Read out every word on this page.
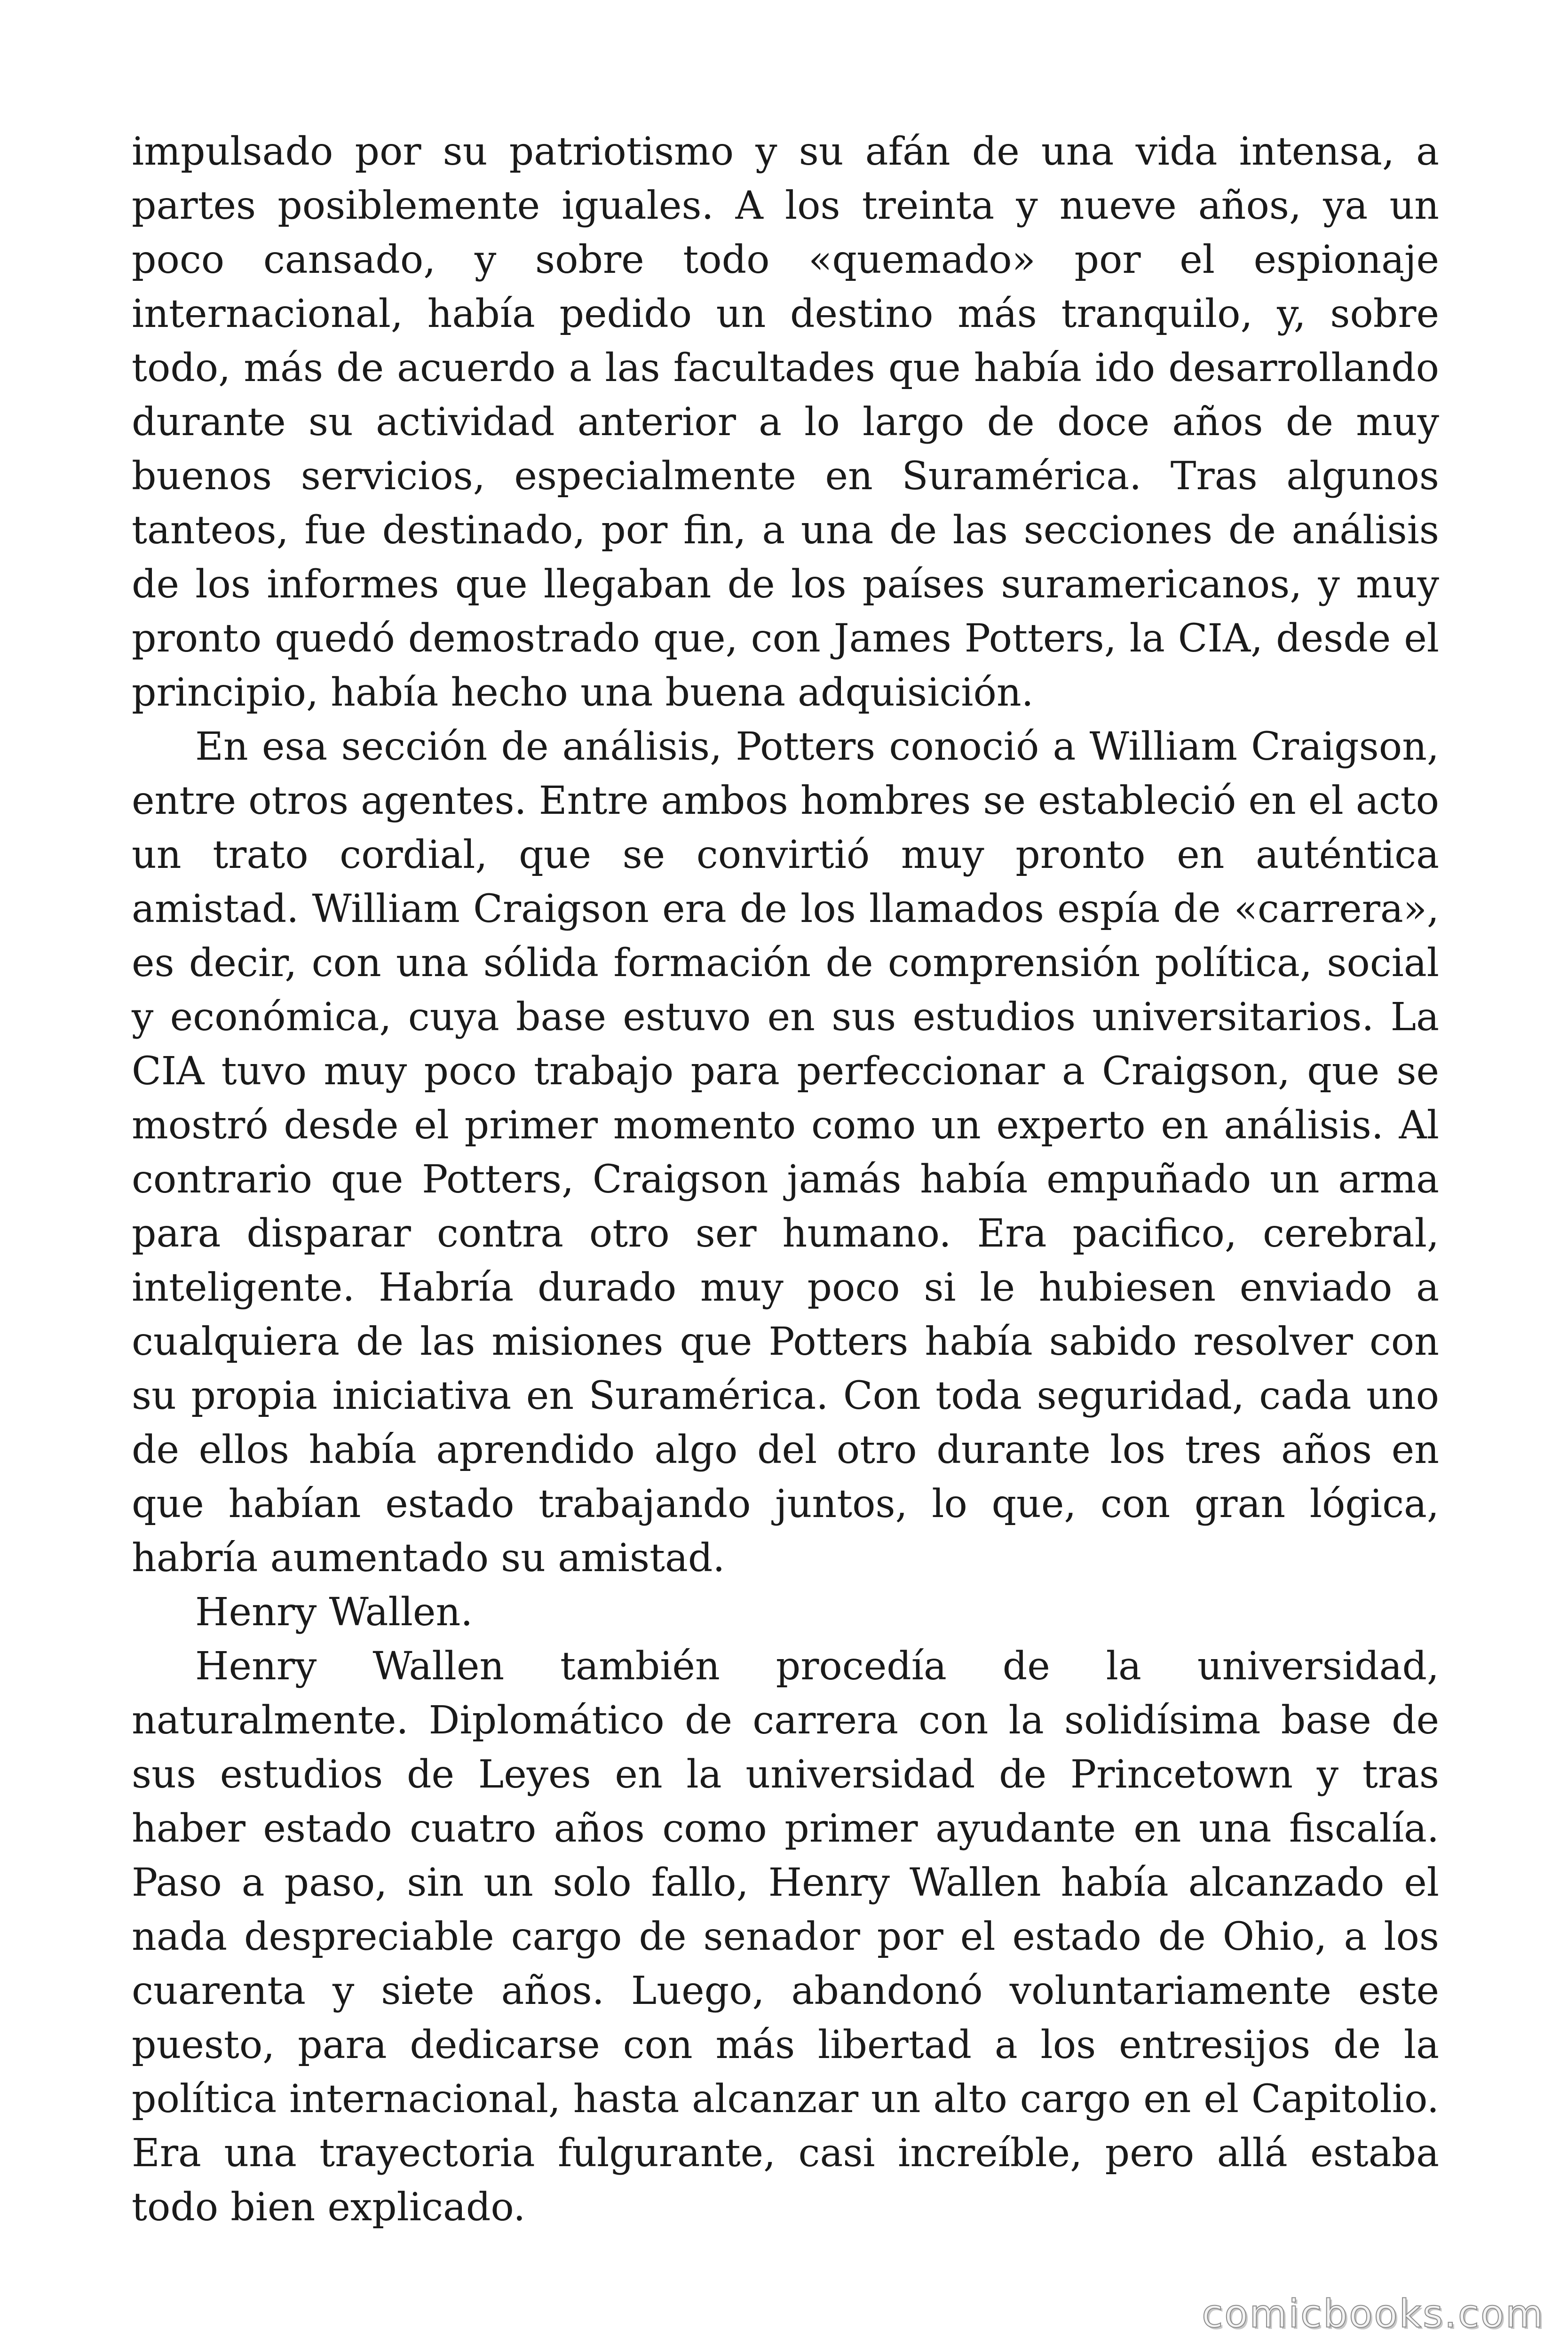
impulsado por su patriotismo y su afán de una vida intensa, a partes posiblemente iguales. A los treinta y nueve años, ya un poco cansado, y sobre todo «quemado» por el espionaje internacional, había pedido un destino más tranquilo, y, sobre todo, más de acuerdo a las facultades que había ido desarrollando durante su actividad anterior a lo largo de doce años de muy buenos servicios, especialmente en Suramérica. Tras algunos tanteos, fue destinado, por fin, a una de las secciones de análisis de los informes que llegaban de los países suramericanos, y muy pronto quedó demostrado que, con James Potters, la CIA, desde el principio, había hecho una buena adquisición.

En esa sección de análisis, Potters conoció a William Craigson, entre otros agentes. Entre ambos hombres se estableció en el acto un trato cordial, que se convirtió muy pronto en auténtica amistad. William Craigson era de los llamados espía de «carrera», es decir, con una sólida formación de comprensión política, social y económica, cuya base estuvo en sus estudios universitarios. La CIA tuvo muy poco trabajo para perfeccionar a Craigson, que se mostró desde el primer momento como un experto en análisis. Al contrario que Potters, Craigson jamás había empuñado un arma para disparar contra otro ser humano. Era pacifico, cerebral, inteligente. Habría durado muy poco si le hubiesen enviado a cualquiera de las misiones que Potters había sabido resolver con su propia iniciativa en Suramérica. Con toda seguridad, cada uno de ellos había aprendido algo del otro durante los tres años en que habían estado trabajando juntos, lo que, con gran lógica, habría aumentado su amistad.

Henry Wallen.

Henry Wallen también procedía de la universidad, naturalmente. Diplomático de carrera con la solidísima base de sus estudios de Leyes en la universidad de Princetown y tras haber estado cuatro años como primer ayudante en una fiscalía. Paso a paso, sin un solo fallo, Henry Wallen había alcanzado el nada despreciable cargo de senador por el estado de Ohio, a los cuarenta y siete años. Luego, abandonó voluntariamente este puesto, para dedicarse con más libertad a los entresijos de la política internacional, hasta alcanzar un alto cargo en el Capitolio. Era una trayectoria fulgurante, casi increíble, pero allá estaba todo bien explicado.

comicbooks.com
